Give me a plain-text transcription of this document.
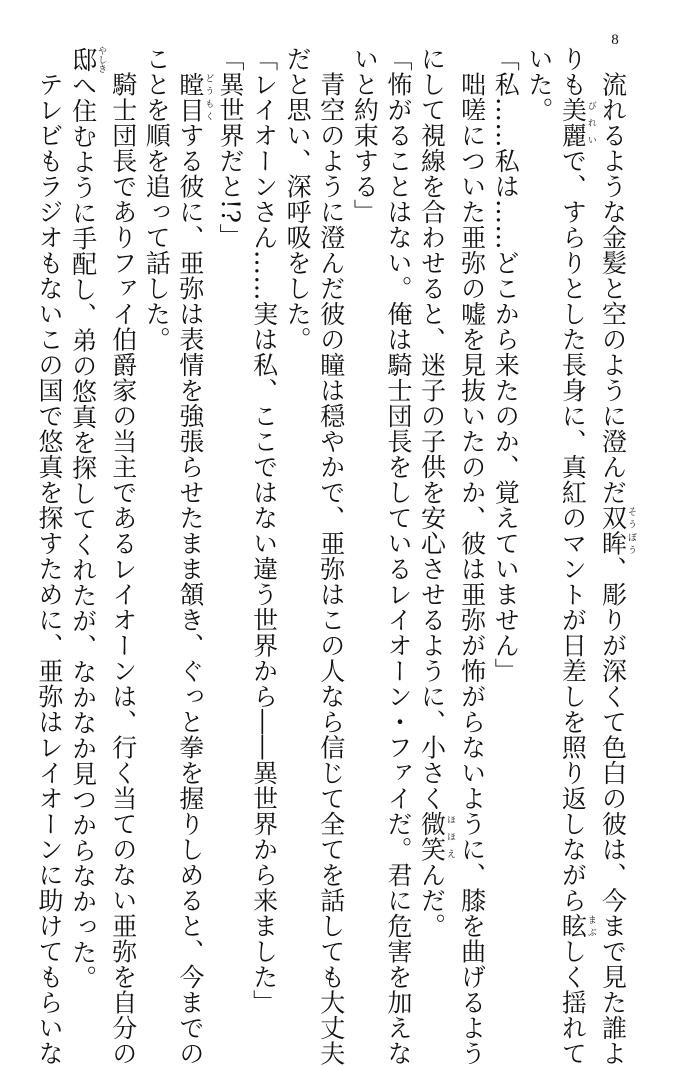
8
　流れるような金髪と空のように澄んだ双眸そうぼう、彫りが深くて色白の彼は、今まで見た誰よ
りも美麗びれいで、すらりとした長身に、真紅のマントが日差しを照り返しながら眩まぶしく揺れて
いた。
「私……私は……どこから来たのか、覚えていません」
　咄嗟についた亜弥の嘘を見抜いたのか、彼は亜弥が怖がらないように、膝を曲げるよう
にして視線を合わせると、迷子の子供を安心させるように、小さく微笑ほほえんだ。
「怖がることはない。俺は騎士団長をしているレイオーン・ファイだ。君に危害を加えな
いと約束する」
　青空のように澄んだ彼の瞳は穏やかで、亜弥はこの人なら信じて全てを話しても大丈夫
だと思い、深呼吸をした。
「レイオーンさん……実は私、ここではない違う世界から――異世界から来ました」
「異世界だと!?」
　瞠目どうもくする彼に、亜弥は表情を強張らせたまま頷き、ぐっと拳を握りしめると、今までの
ことを順を追って話した。
　騎士団長でありファイ伯爵家の当主であるレイオーンは、行く当てのない亜弥を自分の
邸やしきへ住むように手配し、弟の悠真を探してくれたが、なかなか見つからなかった。
　テレビもラジオもないこの国で悠真を探すために、亜弥はレイオーンに助けてもらいな
